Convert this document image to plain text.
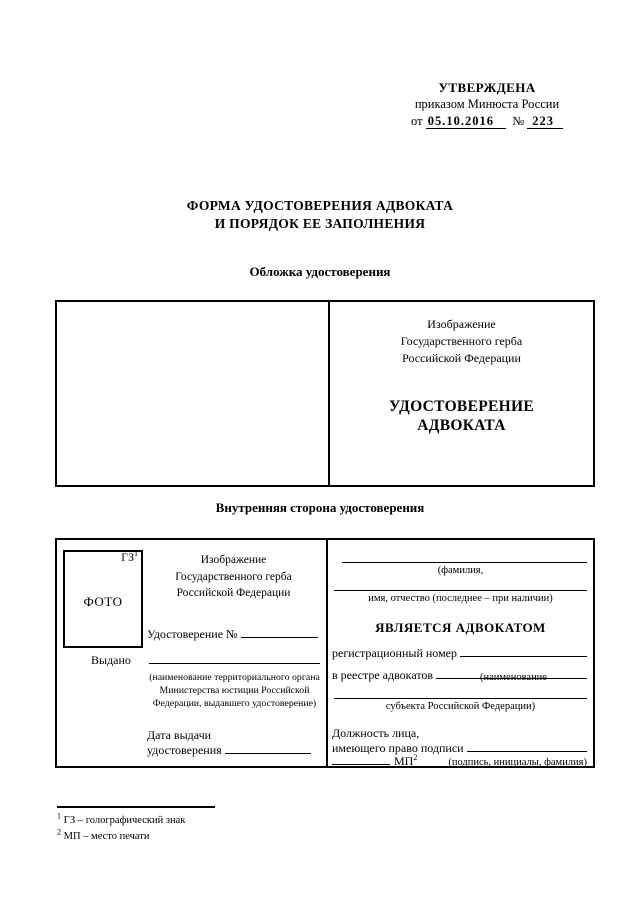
УТВЕРЖДЕНА
приказом Минюста России
от 05.10.2016 № 223
ФОРМА УДОСТОВЕРЕНИЯ АДВОКАТА
И ПОРЯДОК ЕЕ ЗАПОЛНЕНИЯ
Обложка удостоверения
Изображение
Государственного герба
Российской Федерации
УДОСТОВЕРЕНИЕ
АДВОКАТА
Внутренняя сторона удостоверения
$ГЗ^1$
ФОТО
Изображение
Государственного герба
Российской Федерации
Удостоверение №

Выдано
(наименование территориального органа Министерства юстиции Российской Федерации, выдавшего удостоверение)
Дата выдачи
удостоверения

(фамилия,
имя, отчество (последнее – при наличии)
ЯВЛЯЕТСЯ АДВОКАТОМ
регистрационный номер

в реестре адвокатов
	(наименование
субъекта Российской Федерации)
Должность лица,
имеющего право подписи

$МП^2$	(подпись, инициалы, фамилия)
$^1$ ГЗ – голографический знак
$^2$ МП – место печати
